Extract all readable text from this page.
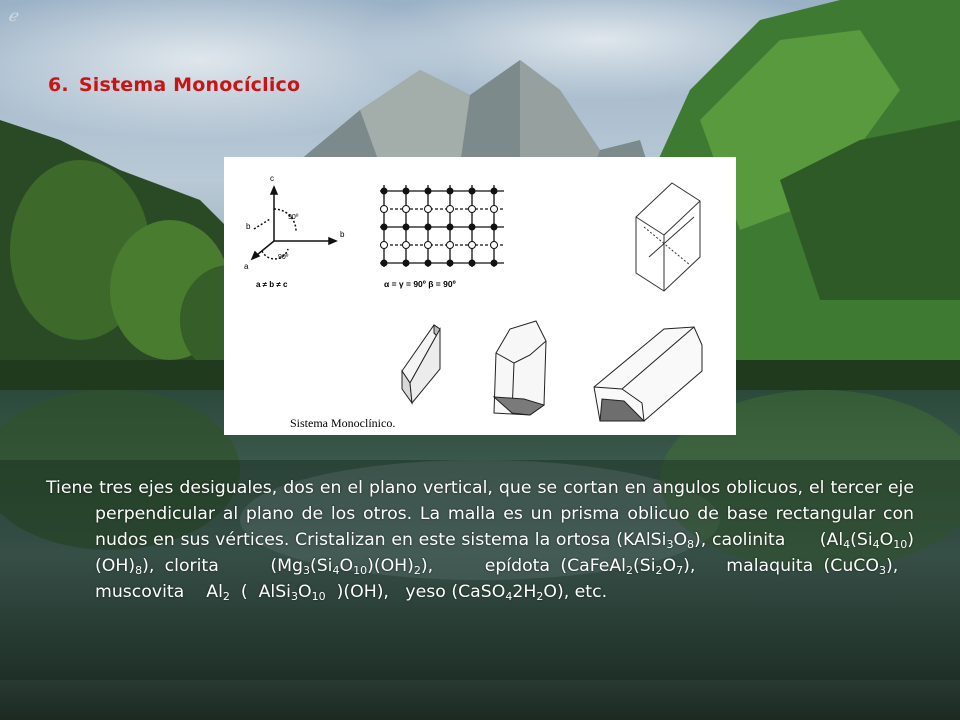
ℯ
6. Sistema Monocíclico
c
b
a
b
90º
90º
a ≠ b ≠ c	α = γ = 90º β = 90º
Sistema Monoclínico.
Tiene tres ejes desiguales, dos en el plano vertical, que se cortan en angulos oblicuos, el tercer eje perpendicular al plano de los otros. La malla es un prisma oblicuo de base rectangular con nudos en sus vértices. Cristalizan en este sistema la ortosa $(KAlSi_3O_8)$, caolinita      $(Al_4(Si_4O_{10})(OH)_8)$, clorita     $(Mg_3(Si_4O_{10})(OH)_2)$,     epídota ($CaFeAl_2(Si_2O_7)$,   malaquita (CuCO$_3$),   muscovita $Al_2$  (  $AlSi_3O_{10}$ )(OH), yeso $(CaSO_42H_2O)$, etc.
